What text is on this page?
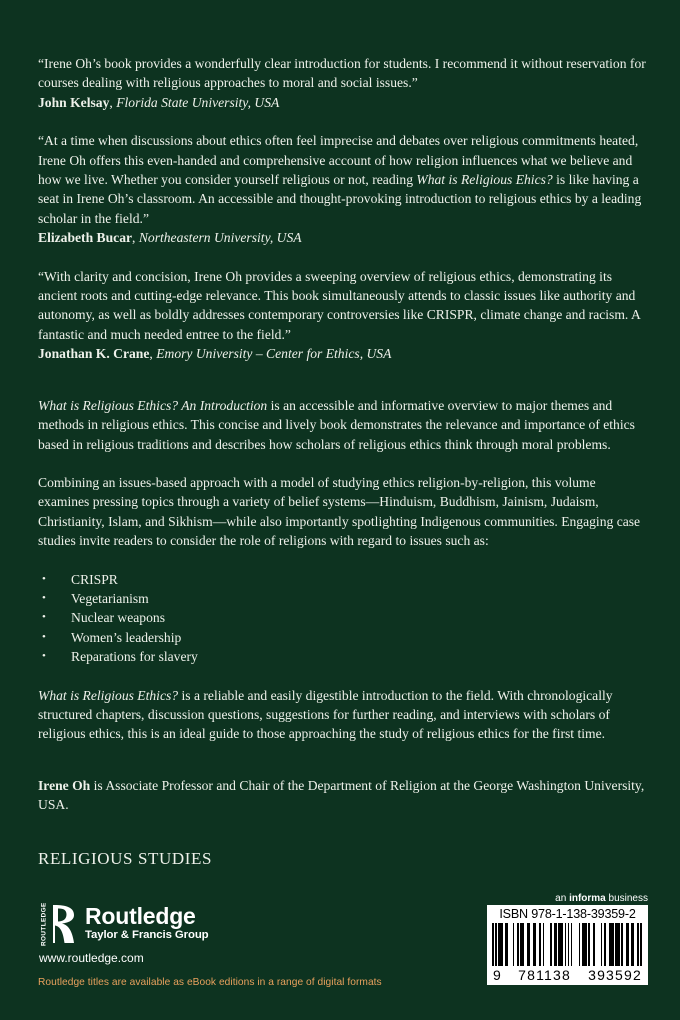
“Irene Oh’s book provides a wonderfully clear introduction for students. I recommend it without reservation for courses dealing with religious approaches to moral and social issues.”
John Kelsay, Florida State University, USA

“At a time when discussions about ethics often feel imprecise and debates over religious commitments heated, Irene Oh offers this even-handed and comprehensive account of how religion influences what we believe and how we live. Whether you consider yourself religious or not, reading What is Religious Ehics? is like having a seat in Irene Oh’s classroom. An accessible and thought-provoking introduction to religious ethics by a leading scholar in the field.”
Elizabeth Bucar, Northeastern University, USA

“With clarity and concision, Irene Oh provides a sweeping overview of religious ethics, demonstrating its ancient roots and cutting-edge relevance. This book simultaneously attends to classic issues like authority and autonomy, as well as boldly addresses contemporary controversies like CRISPR, climate change and racism. A fantastic and much needed entree to the field.”
Jonathan K. Crane, Emory University – Center for Ethics, USA

What is Religious Ethics? An Introduction is an accessible and informative overview to major themes and methods in religious ethics. This concise and lively book demonstrates the relevance and importance of ethics based in religious traditions and describes how scholars of religious ethics think through moral problems.

Combining an issues-based approach with a model of studying ethics religion-by-religion, this volume examines pressing topics through a variety of belief systems—Hinduism, Buddhism, Jainism, Judaism, Christianity, Islam, and Sikhism—while also importantly spotlighting Indigenous communities. Engaging case studies invite readers to consider the role of religions with regard to issues such as:

• CRISPR
• Vegetarianism
• Nuclear weapons
• Women’s leadership
• Reparations for slavery

What is Religious Ethics? is a reliable and easily digestible introduction to the field. With chronologically structured chapters, discussion questions, suggestions for further reading, and interviews with scholars of religious ethics, this is an ideal guide to those approaching the study of religious ethics for the first time.

Irene Oh is Associate Professor and Chair of the Department of Religion at the George Washington University, USA.

RELIGIOUS STUDIES
ROUTLEDGE Routledge
Taylor & Francis Group
www.routledge.com
Routledge titles are available as eBook editions in a range of digital formats
an informa business
ISBN 978-1-138-39359-2
9 781138 393592
